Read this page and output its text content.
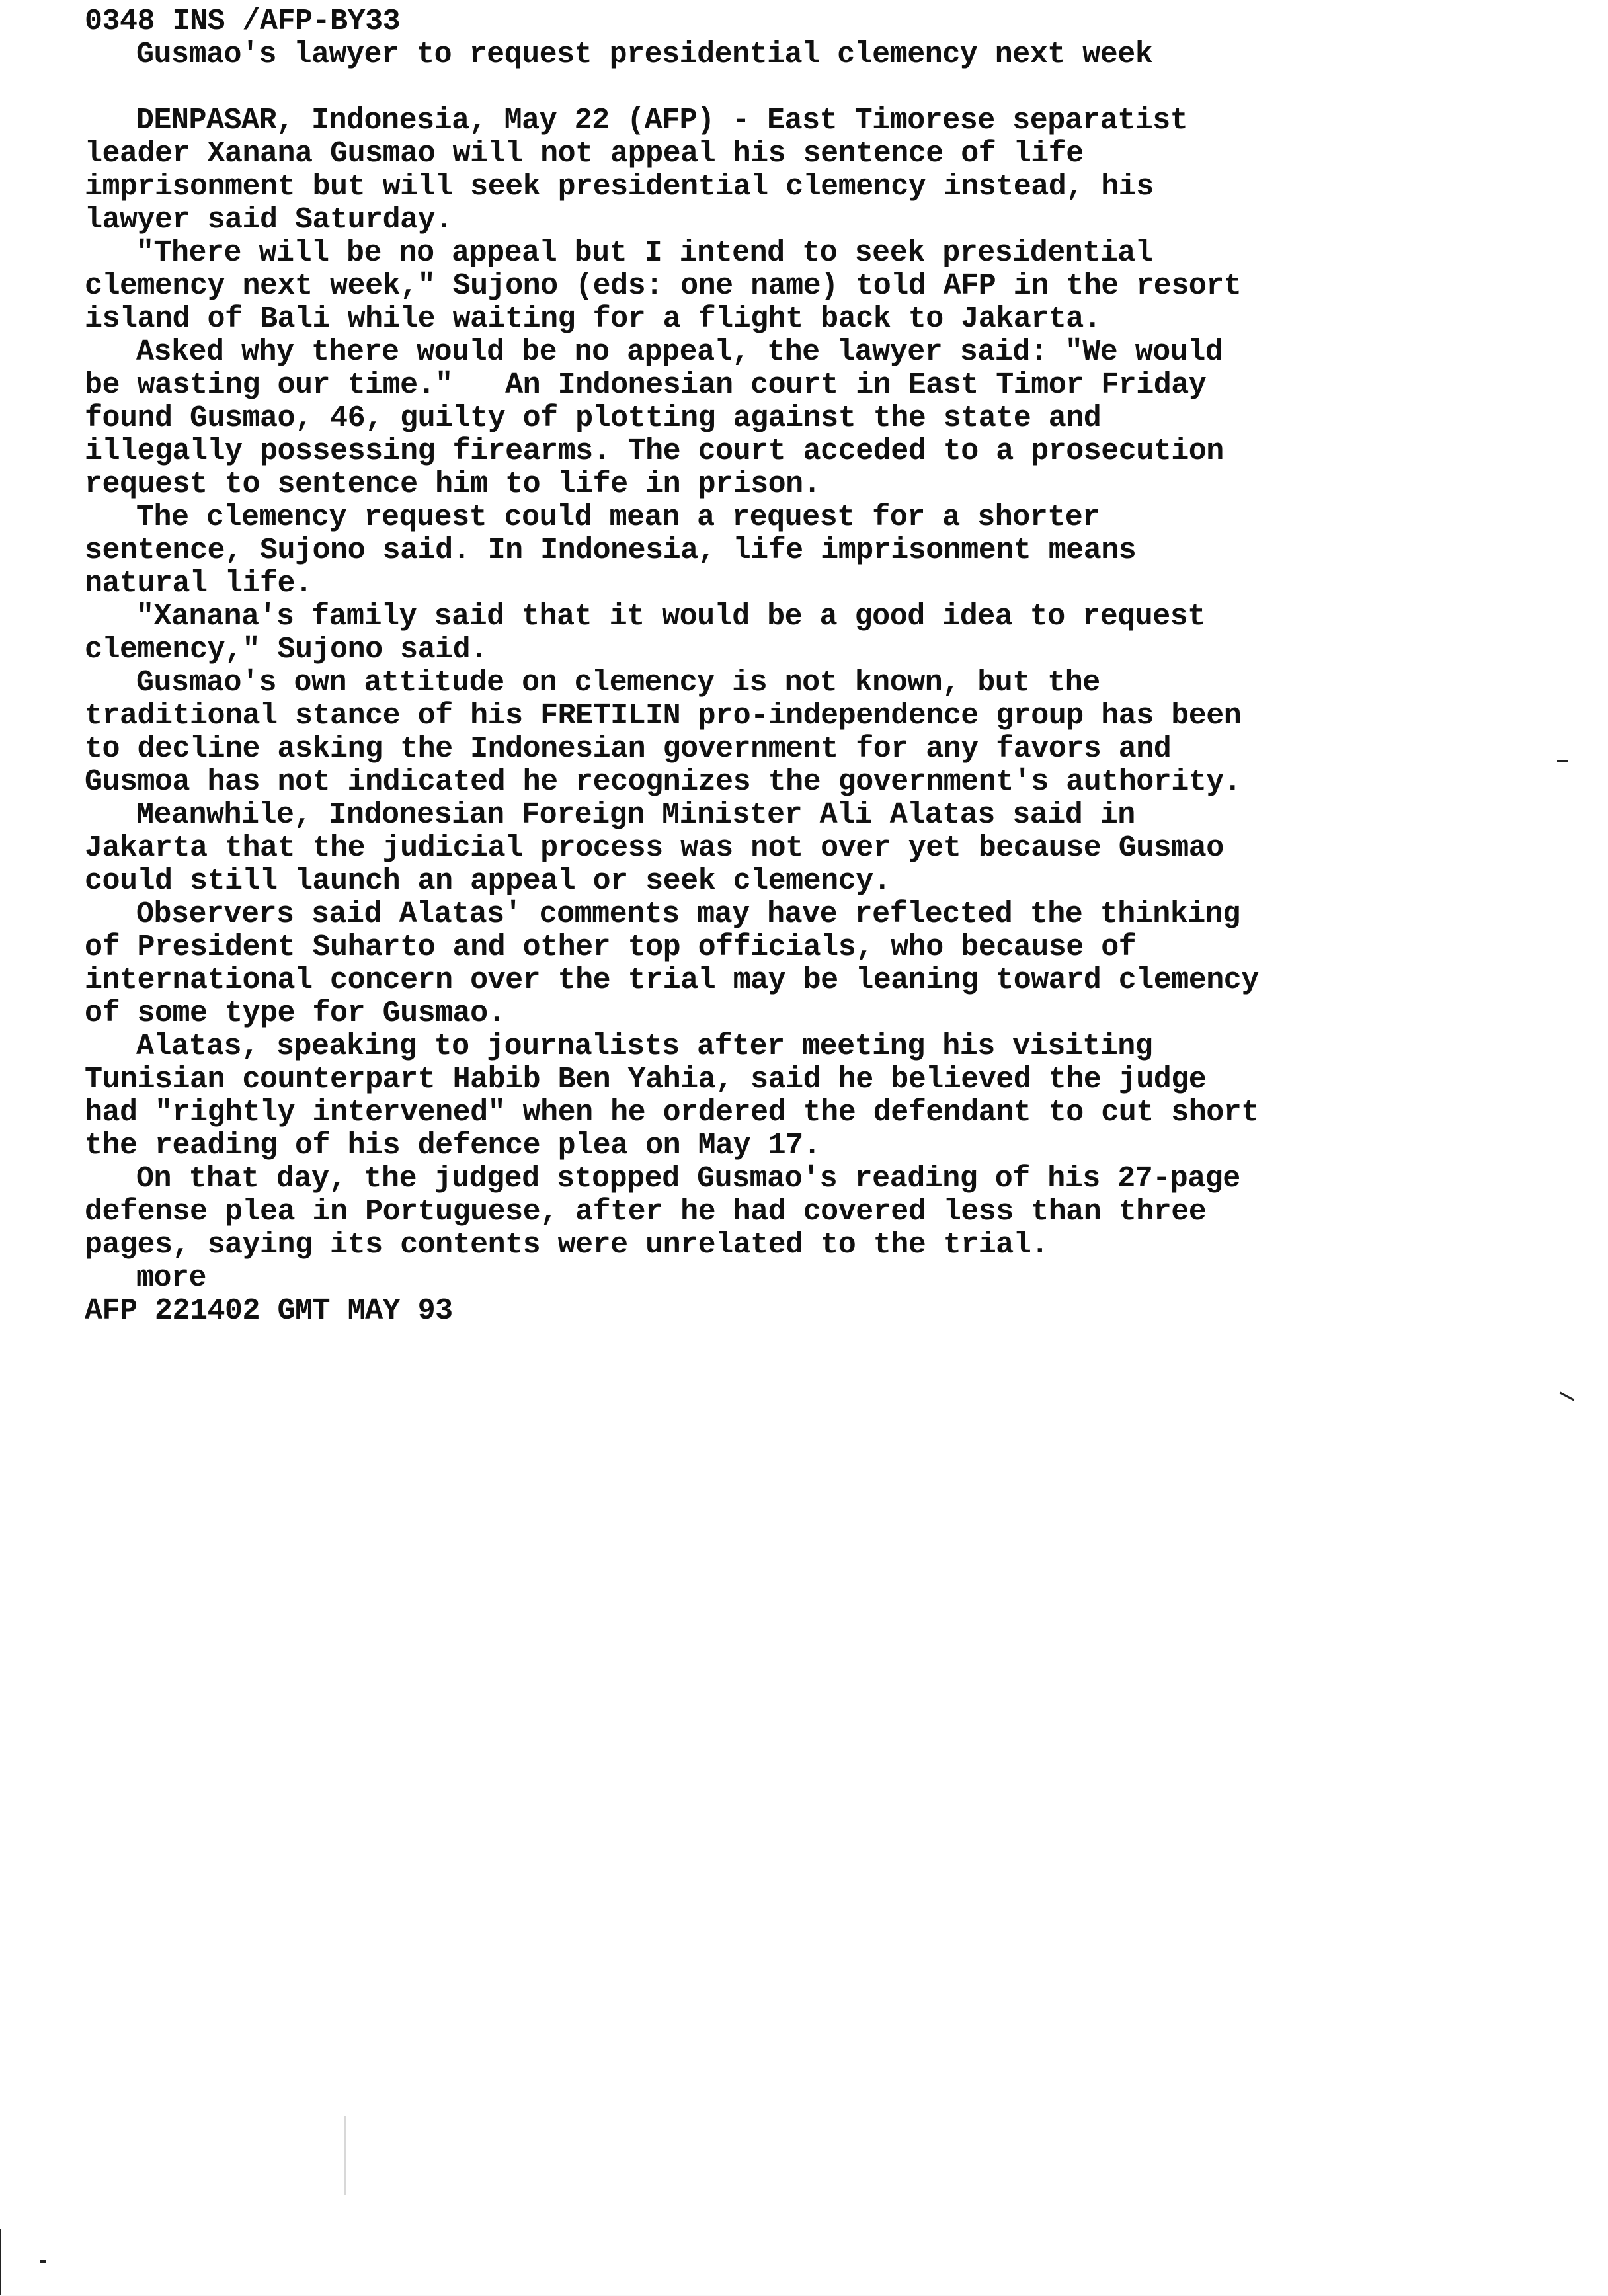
0348 INS /AFP-BY33
Gusmao's lawyer to request presidential clemency next week
DENPASAR, Indonesia, May 22 (AFP) - East Timorese separatist
leader Xanana Gusmao will not appeal his sentence of life
imprisonment but will seek presidential clemency instead, his
lawyer said Saturday.
"There will be no appeal but I intend to seek presidential
clemency next week," Sujono (eds: one name) told AFP in the resort
island of Bali while waiting for a flight back to Jakarta.
Asked why there would be no appeal, the lawyer said: "We would
be wasting our time."   An Indonesian court in East Timor Friday
found Gusmao, 46, guilty of plotting against the state and
illegally possessing firearms. The court acceded to a prosecution
request to sentence him to life in prison.
The clemency request could mean a request for a shorter
sentence, Sujono said. In Indonesia, life imprisonment means
natural life.
"Xanana's family said that it would be a good idea to request
clemency," Sujono said.
Gusmao's own attitude on clemency is not known, but the
traditional stance of his FRETILIN pro-independence group has been
to decline asking the Indonesian government for any favors and
Gusmoa has not indicated he recognizes the government's authority.
Meanwhile, Indonesian Foreign Minister Ali Alatas said in
Jakarta that the judicial process was not over yet because Gusmao
could still launch an appeal or seek clemency.
Observers said Alatas' comments may have reflected the thinking
of President Suharto and other top officials, who because of
international concern over the trial may be leaning toward clemency
of some type for Gusmao.
Alatas, speaking to journalists after meeting his visiting
Tunisian counterpart Habib Ben Yahia, said he believed the judge
had "rightly intervened" when he ordered the defendant to cut short
the reading of his defence plea on May 17.
On that day, the judged stopped Gusmao's reading of his 27-page
defense plea in Portuguese, after he had covered less than three
pages, saying its contents were unrelated to the trial.
more
AFP 221402 GMT MAY 93
